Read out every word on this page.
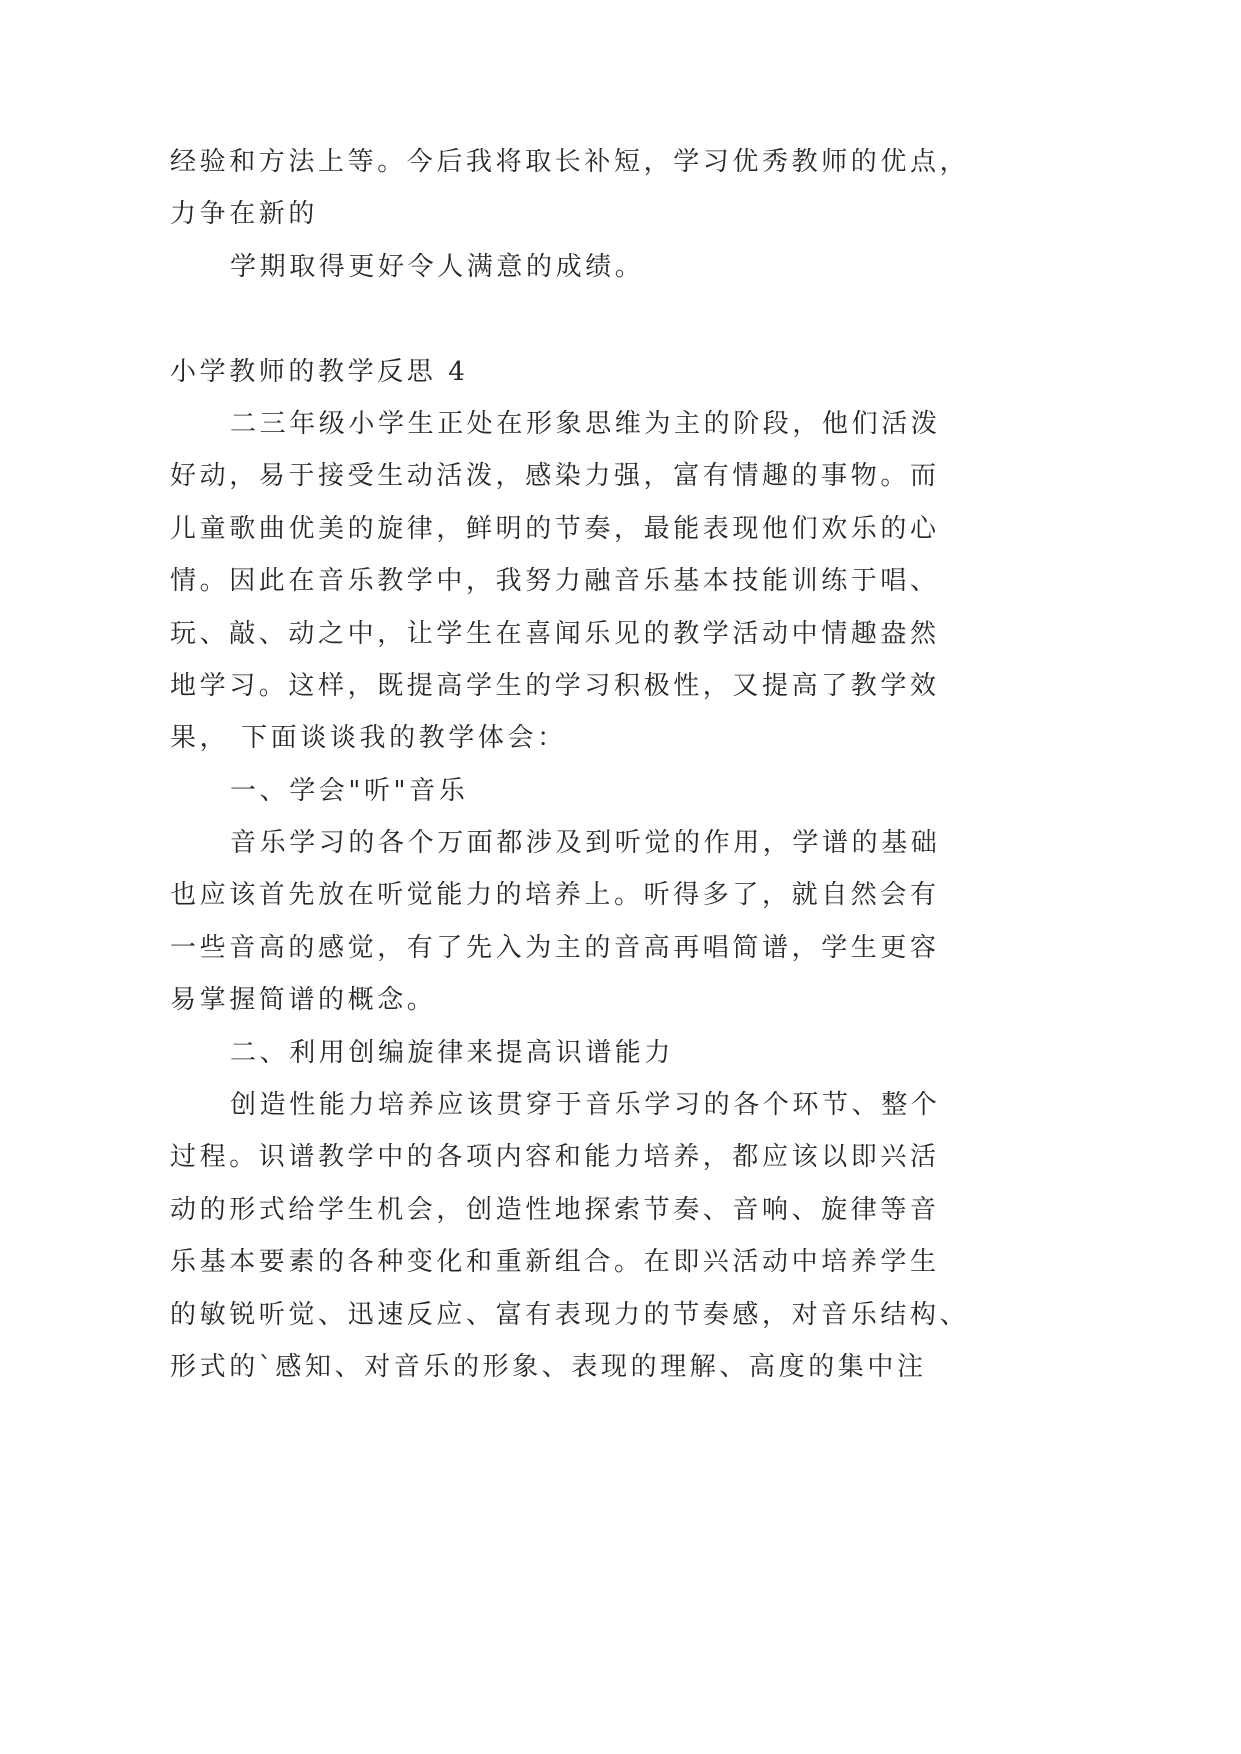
经验和方法上等。今后我将取长补短，学习优秀教师的优点，
力争在新的
学期取得更好令人满意的成绩。
小学教师的教学反思 4
二三年级小学生正处在形象思维为主的阶段，他们活泼
好动，易于接受生动活泼，感染力强，富有情趣的事物。而
儿童歌曲优美的旋律，鲜明的节奏，最能表现他们欢乐的心
情。因此在音乐教学中，我努力融音乐基本技能训练于唱、
玩、敲、动之中，让学生在喜闻乐见的教学活动中情趣盎然
地学习。这样，既提高学生的学习积极性，又提高了教学效
果， 下面谈谈我的教学体会：
一、学会"听"音乐
音乐学习的各个万面都涉及到听觉的作用，学谱的基础
也应该首先放在听觉能力的培养上。听得多了，就自然会有
一些音高的感觉，有了先入为主的音高再唱简谱，学生更容
易掌握简谱的概念。
二、利用创编旋律来提高识谱能力
创造性能力培养应该贯穿于音乐学习的各个环节、整个
过程。识谱教学中的各项内容和能力培养，都应该以即兴活
动的形式给学生机会，创造性地探索节奏、音响、旋律等音
乐基本要素的各种变化和重新组合。在即兴活动中培养学生
的敏锐听觉、迅速反应、富有表现力的节奏感，对音乐结构、
形式的`感知、对音乐的形象、表现的理解、高度的集中注
